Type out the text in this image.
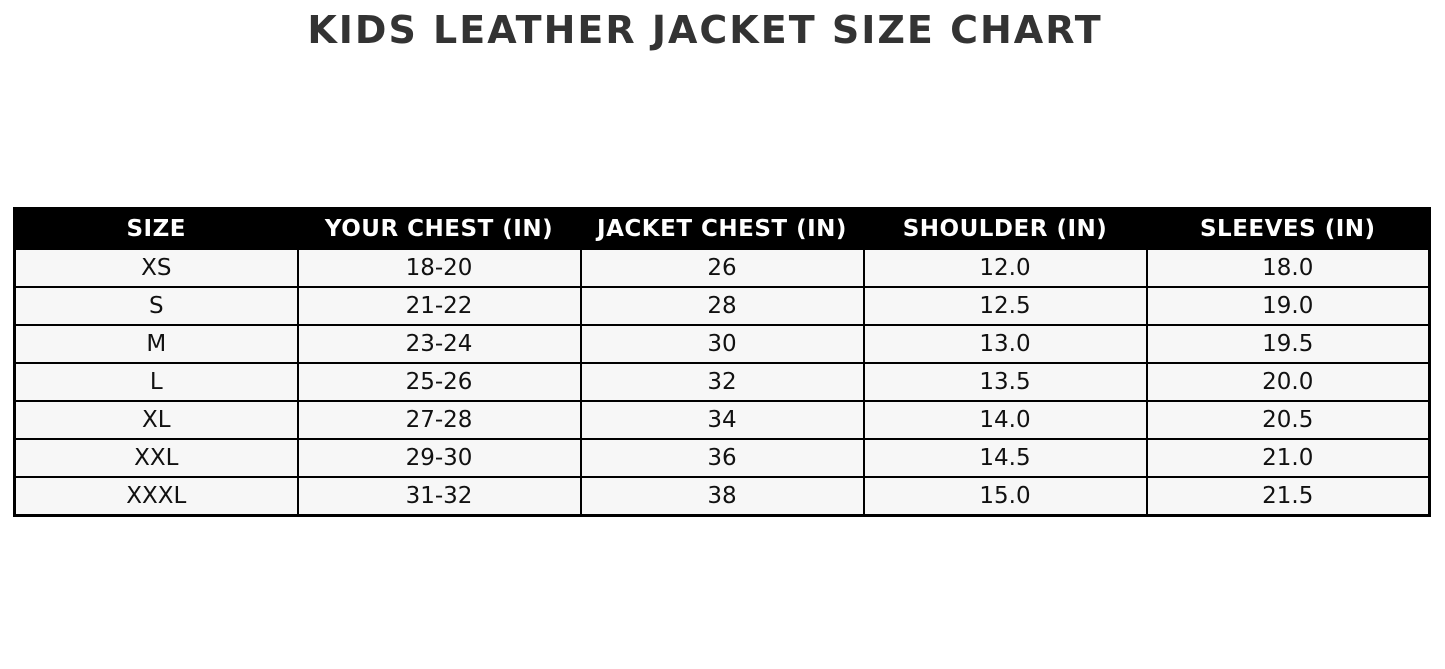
KIDS LEATHER JACKET SIZE CHART
SIZE	YOUR CHEST (IN)	JACKET CHEST (IN)	SHOULDER (IN)	SLEEVES (IN)
XS	18-20	26	12.0	18.0
S	21-22	28	12.5	19.0
M	23-24	30	13.0	19.5
L	25-26	32	13.5	20.0
XL	27-28	34	14.0	20.5
XXL	29-30	36	14.5	21.0
XXXL	31-32	38	15.0	21.5
